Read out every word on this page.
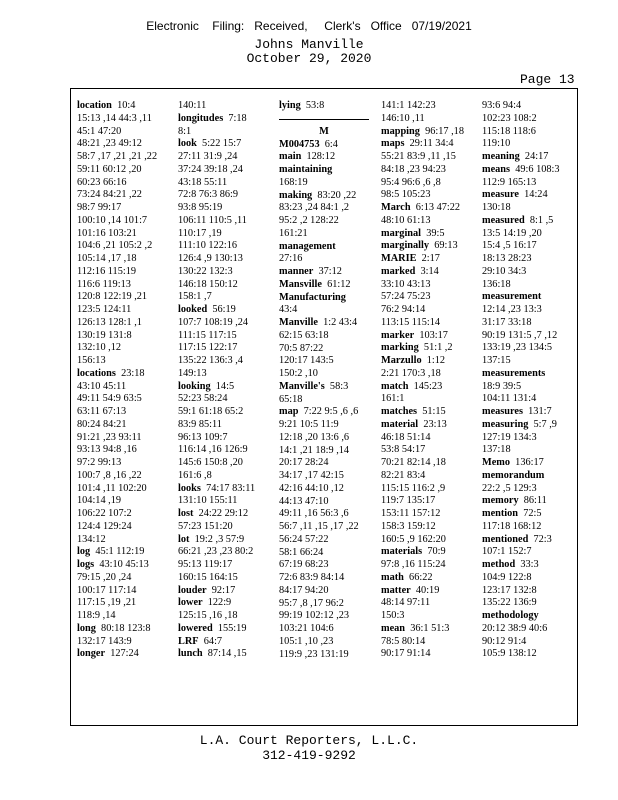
Electronic    Filing:   Received,     Clerk's   Office   07/19/2021
Johns Manville
October 29, 2020
Page 13
location  10:4
15:13 ,14 44:3 ,11
45:1 47:20
48:21 ,23 49:12
58:7 ,17 ,21 ,21 ,22
59:11 60:12 ,20
60:23 66:16
73:24 84:21 ,22
98:7 99:17
100:10 ,14 101:7
101:16 103:21
104:6 ,21 105:2 ,2
105:14 ,17 ,18
112:16 115:19
116:6 119:13
120:8 122:19 ,21
123:5 124:11
126:13 128:1 ,1
130:19 131:8
132:10 ,12
156:13
locations  23:18
43:10 45:11
49:11 54:9 63:5
63:11 67:13
80:24 84:21
91:21 ,23 93:11
93:13 94:8 ,16
97:2 99:13
100:7 ,8 ,16 ,22
101:4 ,11 102:20
104:14 ,19
106:22 107:2
124:4 129:24
134:12
log  45:1 112:19
logs  43:10 45:13
79:15 ,20 ,24
100:17 117:14
117:15 ,19 ,21
118:9 ,14
long  80:18 123:8
132:17 143:9
longer  127:24
140:11
longitudes  7:18
8:1
look  5:22 15:7
27:11 31:9 ,24
37:24 39:18 ,24
43:18 55:11
72:8 76:3 86:9
93:8 95:19
106:11 110:5 ,11
110:17 ,19
111:10 122:16
126:4 ,9 130:13
130:22 132:3
146:18 150:12
158:1 ,7
looked  56:19
107:7 108:19 ,24
111:15 117:15
117:15 122:17
135:22 136:3 ,4
149:13
looking  14:5
52:23 58:24
59:1 61:18 65:2
83:9 85:11
96:13 109:7
116:14 ,16 126:9
145:6 150:8 ,20
161:6 ,8
looks  74:17 83:11
131:10 155:11
lost  24:22 29:12
57:23 151:20
lot  19:2 ,3 57:9
66:21 ,23 ,23 80:2
95:13 119:17
160:15 164:15
louder  92:17
lower  122:9
125:15 ,16 ,18
lowered  155:19
LRF  64:7
lunch  87:14 ,15
lying  53:8
M
M004753  6:4
main  128:12
maintaining 
168:19
making  83:20 ,22
83:23 ,24 84:1 ,2
95:2 ,2 128:22
161:21
management 
27:16
manner  37:12
Mansville  61:12
Manufacturing 
43:4
Manville  1:2 43:4
62:15 63:18
70:5 87:22
120:17 143:5
150:2 ,10
Manville's  58:3
65:18
map  7:22 9:5 ,6 ,6
9:21 10:5 11:9
12:18 ,20 13:6 ,6
14:1 ,21 18:9 ,14
20:17 28:24
34:17 ,17 42:15
42:16 44:10 ,12
44:13 47:10
49:11 ,16 56:3 ,6
56:7 ,11 ,15 ,17 ,22
56:24 57:22
58:1 66:24
67:19 68:23
72:6 83:9 84:14
84:17 94:20
95:7 ,8 ,17 96:2
99:19 102:12 ,23
103:21 104:6
105:1 ,10 ,23
119:9 ,23 131:19
141:1 142:23
146:10 ,11
mapping  96:17 ,18
maps  29:11 34:4
55:21 83:9 ,11 ,15
84:18 ,23 94:23
95:4 96:6 ,6 ,8
98:5 105:23
March  6:13 47:22
48:10 61:13
marginal  39:5
marginally  69:13
MARIE  2:17
marked  3:14
33:10 43:13
57:24 75:23
76:2 94:14
113:15 115:14
marker  103:17
marking  51:1 ,2
Marzullo  1:12
2:21 170:3 ,18
match  145:23
161:1
matches  51:15
material  23:13
46:18 51:14
53:8 54:17
70:21 82:14 ,18
82:21 83:4
115:15 116:2 ,9
119:7 135:17
153:11 157:12
158:3 159:12
160:5 ,9 162:20
materials  70:9
97:8 ,16 115:24
math  66:22
matter  40:19
48:14 97:11
150:3
mean  36:1 51:3
78:5 80:14
90:17 91:14
93:6 94:4
102:23 108:2
115:18 118:6
119:10
meaning  24:17
means  49:6 108:3
112:9 165:13
measure  14:24
130:18
measured  8:1 ,5
13:5 14:19 ,20
15:4 ,5 16:17
18:13 28:23
29:10 34:3
136:18
measurement 
12:14 ,23 13:3
31:17 33:18
90:19 131:5 ,7 ,12
133:19 ,23 134:5
137:15
measurements 
18:9 39:5
104:11 131:4
measures  131:7
measuring  5:7 ,9
127:19 134:3
137:18
Memo  136:17
memorandum 
22:2 ,5 129:3
memory  86:11
mention  72:5
117:18 168:12
mentioned  72:3
107:1 152:7
method  33:3
104:9 122:8
123:17 132:8
135:22 136:9
methodology 
20:12 38:9 40:6
90:12 91:4
105:9 138:12
L.A. Court Reporters, L.L.C.
312-419-9292
